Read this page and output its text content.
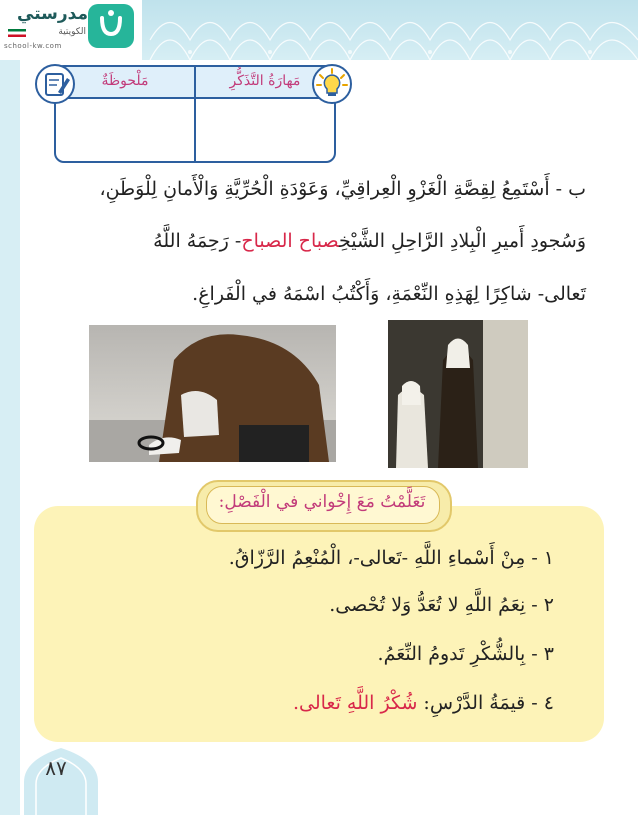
مدرستي
الكويتية
school-kw.com
مَهارَةُ التَّذَكُّرِ
مَلْحوظَةٌ
ب - أَسْتَمِعُ لِقِصَّةِ الْغَزْوِ الْعِراقِيِّ، وَعَوْدَةِ الْحُرِّيَّةِ وَالْأَمانِ لِلْوَطَنِ،
وَسُجودِ أَميرِ الْبِلادِ الرَّاحِلِ الشَّيْخِصباح الصباح- رَحِمَهُ اللَّهُ
تَعالى- شاكِرًا لِهَذِهِ النِّعْمَةِ، وَأَكْتُبُ اسْمَهُ في الْفَراغِ.
تَعَلَّمْتُ مَعَ إِخْواني في الْفَصْلِ:
١ - مِنْ أَسْماءِ اللَّهِ -تَعالى-، الْمُنْعِمُ الرَّزّاقُ.
٢ - نِعَمُ اللَّهِ لا تُعَدُّ وَلا تُحْصى.
٣ - بِالشُّكْرِ تَدومُ النِّعَمُ.
٤ - قيمَةُ الدَّرْسِ: شُكْرُ اللَّهِ تَعالى.
٨٧
